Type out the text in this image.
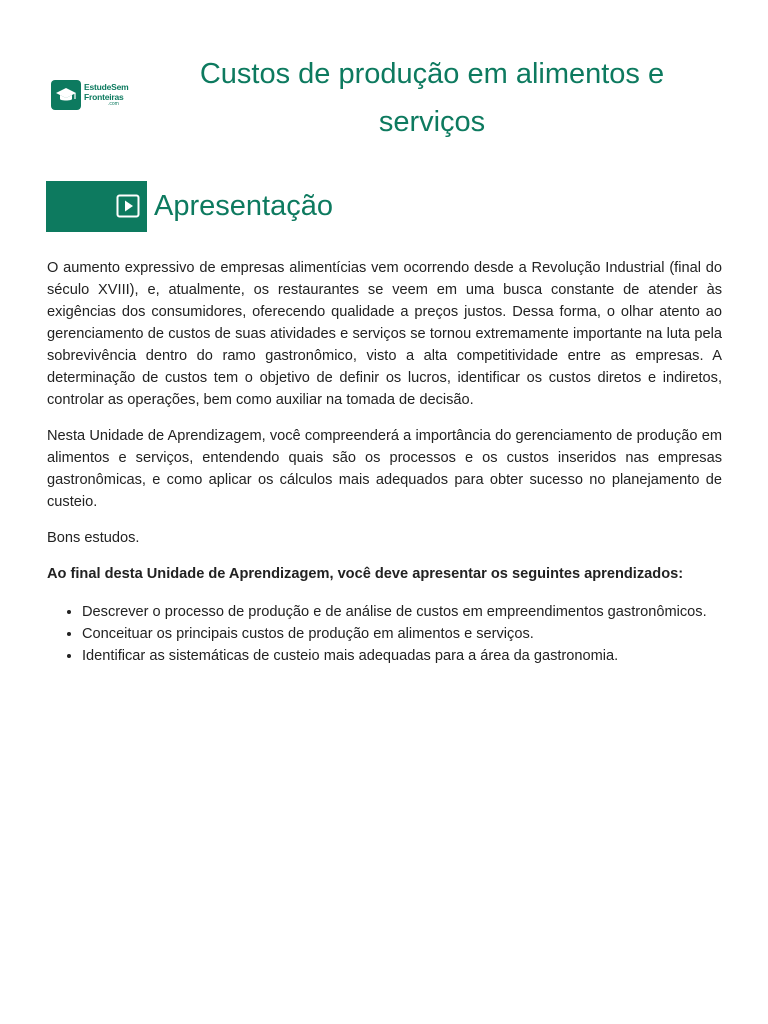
EstudeSem
Fronteiras
.com
Custos de produção em alimentos e serviços
Apresentação

O aumento expressivo de empresas alimentícias vem ocorrendo desde a Revolução Industrial (final do século XVIII), e, atualmente, os restaurantes se veem em uma busca constante de atender às exigências dos consumidores, oferecendo qualidade a preços justos. Dessa forma, o olhar atento ao gerenciamento de custos de suas atividades e serviços se tornou extremamente importante na luta pela sobrevivência dentro do ramo gastronômico, visto a alta competitividade entre as empresas. A determinação de custos tem o objetivo de definir os lucros, identificar os custos diretos e indiretos, controlar as operações, bem como auxiliar na tomada de decisão.

Nesta Unidade de Aprendizagem, você compreenderá a importância do gerenciamento de produção em alimentos e serviços, entendendo quais são os processos e os custos inseridos nas empresas gastronômicas, e como aplicar os cálculos mais adequados para obter sucesso no planejamento de custeio.

Bons estudos.

Ao final desta Unidade de Aprendizagem, você deve apresentar os seguintes aprendizados:

• Descrever o processo de produção e de análise de custos em empreendimentos gastronômicos.
• Conceituar os principais custos de produção em alimentos e serviços.
• Identificar as sistemáticas de custeio mais adequadas para a área da gastronomia.
